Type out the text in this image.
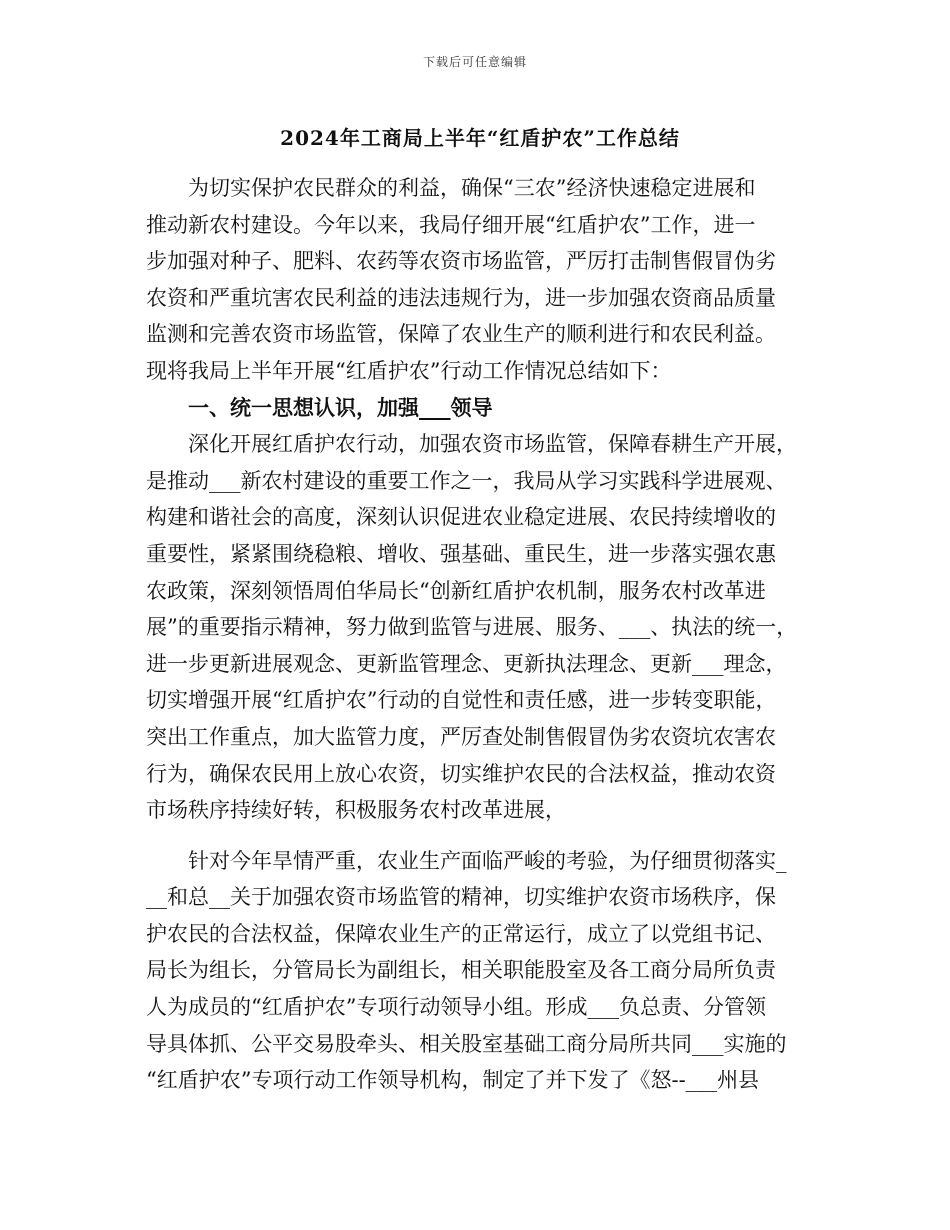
下载后可任意编辑
2024年工商局上半年“红盾护农”工作总结
为切实保护农民群众的利益，确保“三农”经济快速稳定进展和
推动新农村建设。今年以来，我局仔细开展“红盾护农”工作，进一
步加强对种子、肥料、农药等农资市场监管，严厉打击制售假冒伪劣
农资和严重坑害农民利益的违法违规行为，进一步加强农资商品质量
监测和完善农资市场监管，保障了农业生产的顺利进行和农民利益。
现将我局上半年开展“红盾护农”行动工作情况总结如下：
一、统一思想认识，加强___领导
深化开展红盾护农行动，加强农资市场监管，保障春耕生产开展，
是推动___新农村建设的重要工作之一，我局从学习实践科学进展观、
构建和谐社会的高度，深刻认识促进农业稳定进展、农民持续增收的
重要性，紧紧围绕稳粮、增收、强基础、重民生，进一步落实强农惠
农政策，深刻领悟周伯华局长“创新红盾护农机制，服务农村改革进
展”的重要指示精神，努力做到监管与进展、服务、___、执法的统一，
进一步更新进展观念、更新监管理念、更新执法理念、更新___理念，
切实增强开展“红盾护农”行动的自觉性和责任感，进一步转变职能，
突出工作重点，加大监管力度，严厉查处制售假冒伪劣农资坑农害农
行为，确保农民用上放心农资，切实维护农民的合法权益，推动农资
市场秩序持续好转，积极服务农村改革进展，
针对今年旱情严重，农业生产面临严峻的考验，为仔细贯彻落实_
__和总__关于加强农资市场监管的精神，切实维护农资市场秩序，保
护农民的合法权益，保障农业生产的正常运行，成立了以党组书记、
局长为组长，分管局长为副组长，相关职能股室及各工商分局所负责
人为成员的“红盾护农”专项行动领导小组。形成___负总责、分管领
导具体抓、公平交易股牵头、相关股室基础工商分局所共同___实施的
“红盾护农”专项行动工作领导机构，制定了并下发了《怒--___州县
